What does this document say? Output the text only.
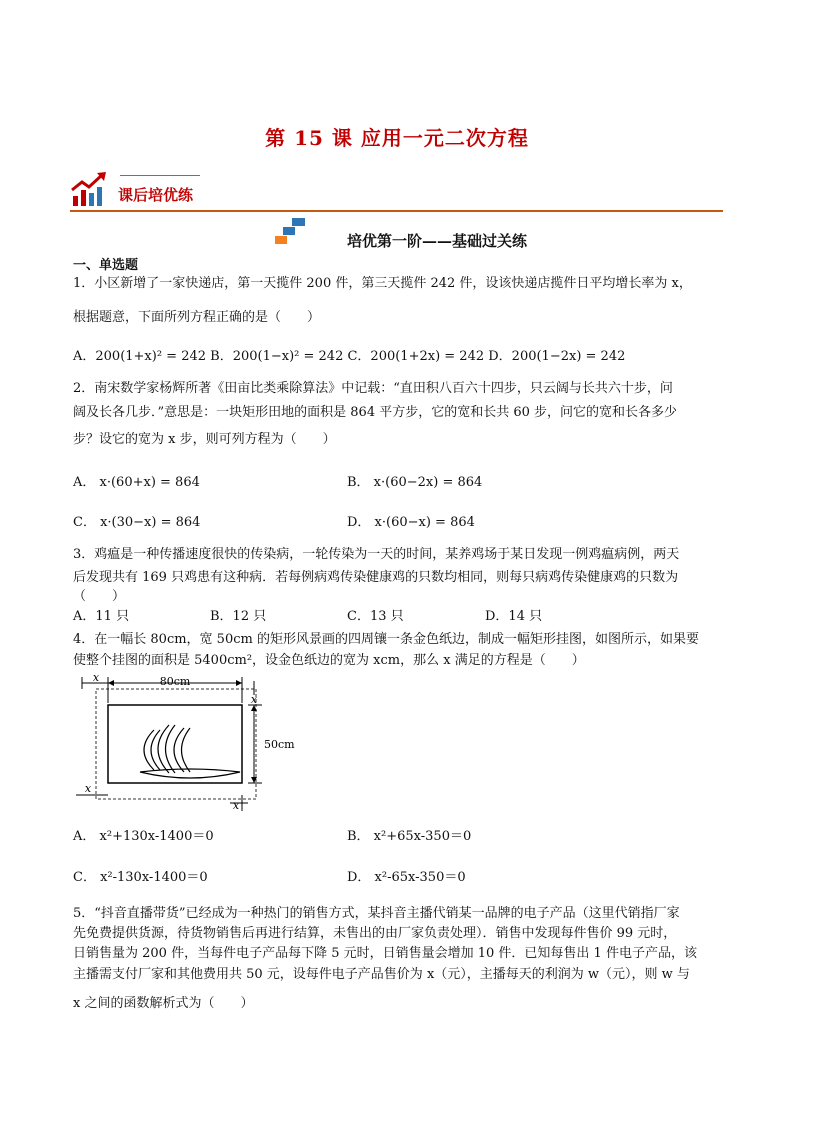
第 15 课 应用一元二次方程
课后培优练
培优第一阶——基础过关练
一、单选题
1．小区新增了一家快递店，第一天揽件 200 件，第三天揽件 242 件，设该快递店揽件日平均增长率为 x，
根据题意，下面所列方程正确的是（　　）
A．200(1+x)² = 242 B．200(1−x)² = 242 C．200(1+2x) = 242 D．200(1−2x) = 242
2．南宋数学家杨辉所著《田亩比类乘除算法》中记载：“直田积八百六十四步，只云阔与长共六十步，问
阔及长各几步．”意思是：一块矩形田地的面积是 864 平方步，它的宽和长共 60 步，问它的宽和长各多少
步？设它的宽为 x 步，则可列方程为（　　）
A． x·(60+x) = 864	B． x·(60−2x) = 864
C． x·(30−x) = 864	D． x·(60−x) = 864
3．鸡瘟是一种传播速度很快的传染病，一轮传染为一天的时间，某养鸡场于某日发现一例鸡瘟病例，两天
后发现共有 169 只鸡患有这种病．若每例病鸡传染健康鸡的只数均相同，则每只病鸡传染健康鸡的只数为
（　　）
A．11 只	B．12 只	C．13 只	D．14 只
4．在一幅长 80cm，宽 50cm 的矩形风景画的四周镶一条金色纸边，制成一幅矩形挂图，如图所示，如果要
使整个挂图的面积是 5400cm²，设金色纸边的宽为 xcm，那么 x 满足的方程是（　　）
x	80cm
50cm
x
x
x
A． x²+130x-1400＝0	B． x²+65x-350＝0
C． x²-130x-1400＝0	D． x²-65x-350＝0
5．“抖音直播带货”已经成为一种热门的销售方式，某抖音主播代销某一品牌的电子产品（这里代销指厂家
先免费提供货源，待货物销售后再进行结算，未售出的由厂家负责处理）．销售中发现每件售价 99 元时，
日销售量为 200 件，当每件电子产品每下降 5 元时，日销售量会增加 10 件．已知每售出 1 件电子产品，该
主播需支付厂家和其他费用共 50 元，设每件电子产品售价为 x（元），主播每天的利润为 w（元），则 w 与
x 之间的函数解析式为（　　）
